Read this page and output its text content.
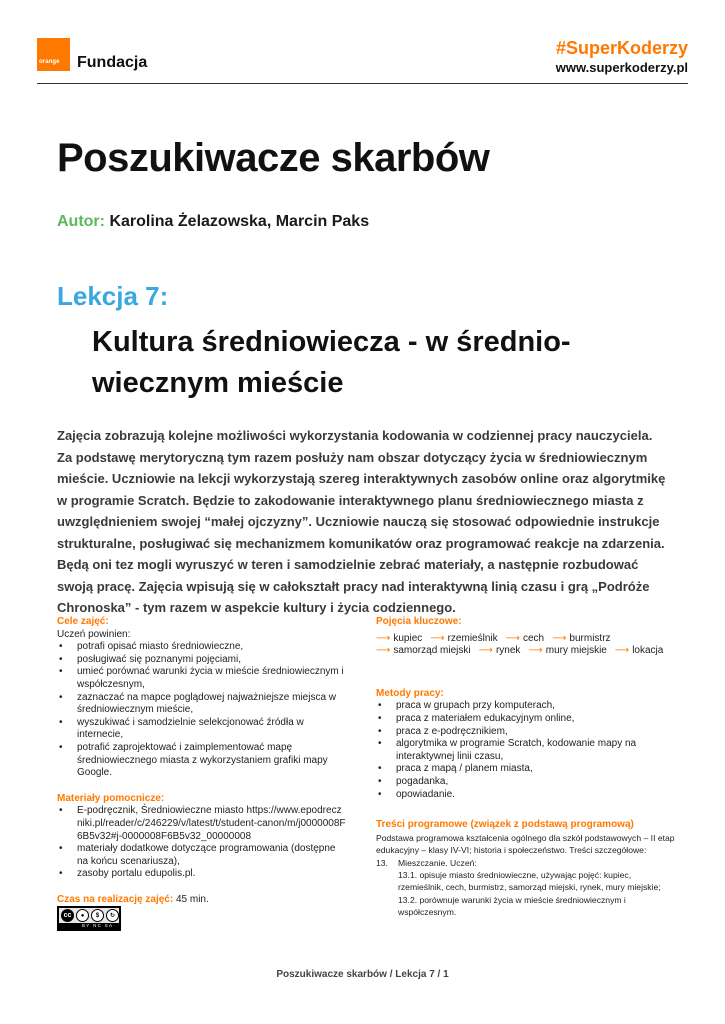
orange Fundacja
#SuperKoderzy
www.superkoderzy.pl
Poszukiwacze skarbów
Autor: Karolina Żelazowska, Marcin Paks
Lekcja 7:
Kultura średniowiecza - w średnio-wiecznym mieście
Zajęcia zobrazują kolejne możliwości wykorzystania kodowania w codziennej pracy nauczyciela. Za podstawę merytoryczną tym razem posłuży nam obszar dotyczący życia w średniowiecznym mieście. Uczniowie na lekcji wykorzystają szereg interaktywnych zasobów online oraz algorytmikę w programie Scratch. Będzie to zakodowanie interaktywnego planu średniowiecznego miasta z uwzględnieniem swojej “małej ojczyzny”. Uczniowie nauczą się stosować odpowiednie instrukcje strukturalne, posługiwać się mechanizmem komunikatów oraz programować reakcje na zdarzenia. Będą oni tez mogli wyruszyć w teren i samodzielnie zebrać materiały, a następnie rozbudować swoją pracę. Zajęcia wpisują się w całokształt pracy nad interaktywną linią czasu i grą „Podróże Chronoska” - tym razem w aspekcie kultury i życia codziennego.
Cele zajęć:
Uczeń powinien:
• potrafi opisać miasto średniowieczne,
• posługiwać się poznanymi pojęciami,
• umieć porównać warunki życia w mieście średniowiecznym i współczesnym,
• zaznaczać na mapce poglądowej najważniejsze miejsca w średniowiecznym mieście,
• wyszukiwać i samodzielnie selekcjonować źródła w internecie,
• potrafić zaprojektować i zaimplementować mapę średniowiecznego miasta z wykorzystaniem grafiki mapy Google.
Materiały pomocnicze:
• E-podręcznik, Średniowieczne miasto https://www.epodreczniki.pl/reader/c/246229/v/latest/t/student-canon/m/j0000008F6B5v32#j-0000008F6B5v32_00000008
• materiały dodatkowe dotyczące programowania (dostępne na końcu scenariusza),
• zasoby portalu edupolis.pl.
Czas na realizację zajęć: 45 min.
cc	●	$	↻
BY NC SA
Pojęcia kluczowe:
⟶ kupiec ⟶ rzemieślnik ⟶ cech ⟶ burmistrz
⟶ samorząd miejski ⟶ rynek ⟶ mury miejskie ⟶ lokacja
Metody pracy:
• praca w grupach przy komputerach,
• praca z materiałem edukacyjnym online,
• praca z e-podręcznikiem,
• algorytmika w programie Scratch, kodowanie mapy na interaktywnej linii czasu,
• praca z mapą / planem miasta,
• pogadanka,
• opowiadanie.
Treści programowe (związek z podstawą programową)
Podstawa programowa kształcenia ogólnego dla szkół podstawowych – II etap edukacyjny – klasy IV-VI; historia i społeczeństwo. Treści szczegółowe:
13. Mieszczanie. Uczeń:
13.1. opisuje miasto średniowieczne, używając pojęć: kupiec, rzemieślnik, cech, burmistrz, samorząd miejski, rynek, mury miejskie;
13.2. porównuje warunki życia w mieście średniowiecznym i współczesnym.
Poszukiwacze skarbów / Lekcja 7 / 1
